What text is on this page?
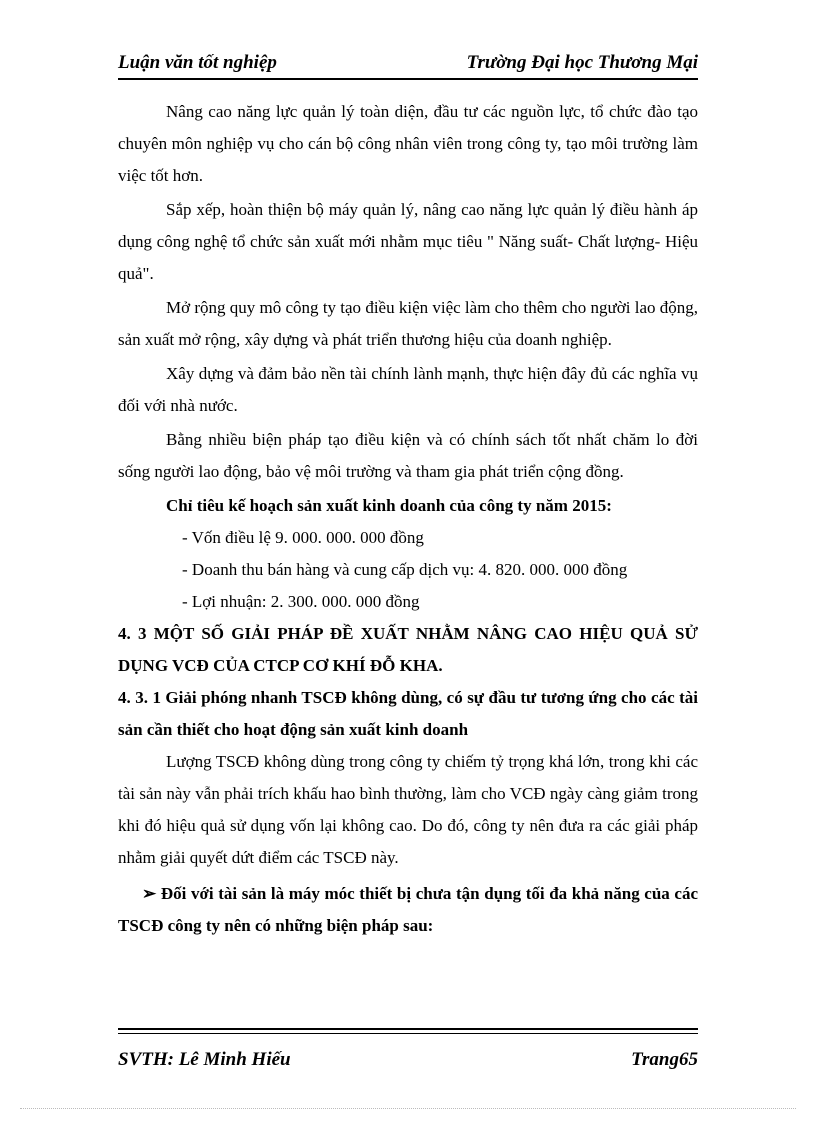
Luận văn tốt nghiệp	Trường Đại học Thương Mại

Nâng cao năng lực quản lý toàn diện, đầu tư các nguồn lực, tổ chức đào tạo chuyên môn nghiệp vụ cho cán bộ công nhân viên trong công ty, tạo môi trường làm việc tốt hơn.

Sắp xếp, hoàn thiện bộ máy quản lý, nâng cao năng lực quản lý điều hành áp dụng công nghệ tổ chức sản xuất mới nhằm mục tiêu " Năng suất- Chất lượng- Hiệu quả".

Mở rộng quy mô công ty tạo điều kiện việc làm cho thêm cho người lao động, sản xuất mở rộng, xây dựng và phát triển thương hiệu của doanh nghiệp.

Xây dựng và đảm bảo nền tài chính lành mạnh, thực hiện đây đủ các nghĩa vụ đối với nhà nước.

Bằng nhiều biện pháp tạo điều kiện và có chính sách tốt nhất chăm lo đời sống người lao động, bảo vệ môi trường và tham gia phát triển cộng đồng.

Chỉ tiêu kế hoạch sản xuất kinh doanh của công ty năm 2015:

- Vốn điều lệ 9. 000. 000. 000 đồng

- Doanh thu bán hàng và cung cấp dịch vụ: 4. 820. 000. 000 đồng

- Lợi nhuận: 2. 300. 000. 000 đồng

4. 3 MỘT SỐ GIẢI PHÁP ĐỀ XUẤT NHẰM NÂNG CAO HIỆU QUẢ SỬ DỤNG VCĐ CỦA CTCP CƠ KHÍ ĐỖ KHA.

4. 3. 1 Giải phóng nhanh TSCĐ không dùng, có sự đầu tư tương ứng cho các tài sản cần thiết cho hoạt động sản xuất kinh doanh

Lượng TSCĐ không dùng trong công ty chiếm tỷ trọng khá lớn, trong khi các tài sản này vẫn phải trích khấu hao bình thường, làm cho VCĐ ngày càng giảm trong khi đó hiệu quả sử dụng vốn lại không cao. Do đó, công ty nên đưa ra các giải pháp nhằm giải quyết dứt điểm các TSCĐ này.

➢ Đối với tài sản là máy móc thiết bị chưa tận dụng tối đa khả năng của các TSCĐ công ty nên có những biện pháp sau:

SVTH: Lê Minh Hiếu	Trang65
